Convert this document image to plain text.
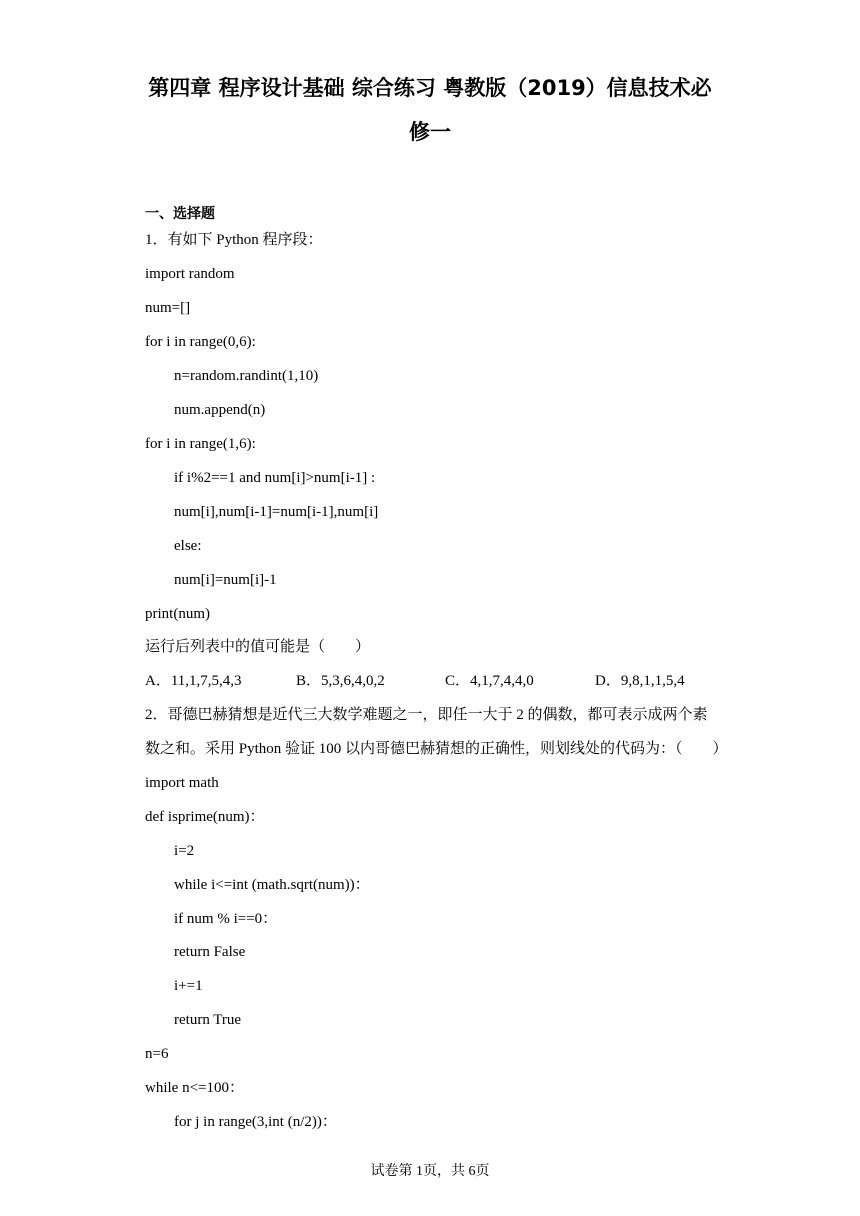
第四章 程序设计基础 综合练习 粤教版（2019）信息技术必
修一
一、选择题
1．有如下 Python 程序段：
import random
num=[]
for i in range(0,6):
n=random.randint(1,10)
num.append(n)
for i in range(1,6):
if i%2==1 and num[i]>num[i-1] :
num[i],num[i-1]=num[i-1],num[i]
else:
num[i]=num[i]-1
print(num)
运行后列表中的值可能是（　　）
A．11,1,7,5,4,3	B．5,3,6,4,0,2	C．4,1,7,4,4,0	D．9,8,1,1,5,4
2．哥德巴赫猜想是近代三大数学难题之一，即任一大于 2 的偶数，都可表示成两个素
数之和。采用 Python 验证 100 以内哥德巴赫猜想的正确性，则划线处的代码为：（　　）
import math
def isprime(num)：
i=2
while i<=int (math.sqrt(num))：
if num % i==0：
return False
i+=1
return True
n=6
while n<=100：
for j in range(3,int (n/2))：
试卷第 1页，共 6页
